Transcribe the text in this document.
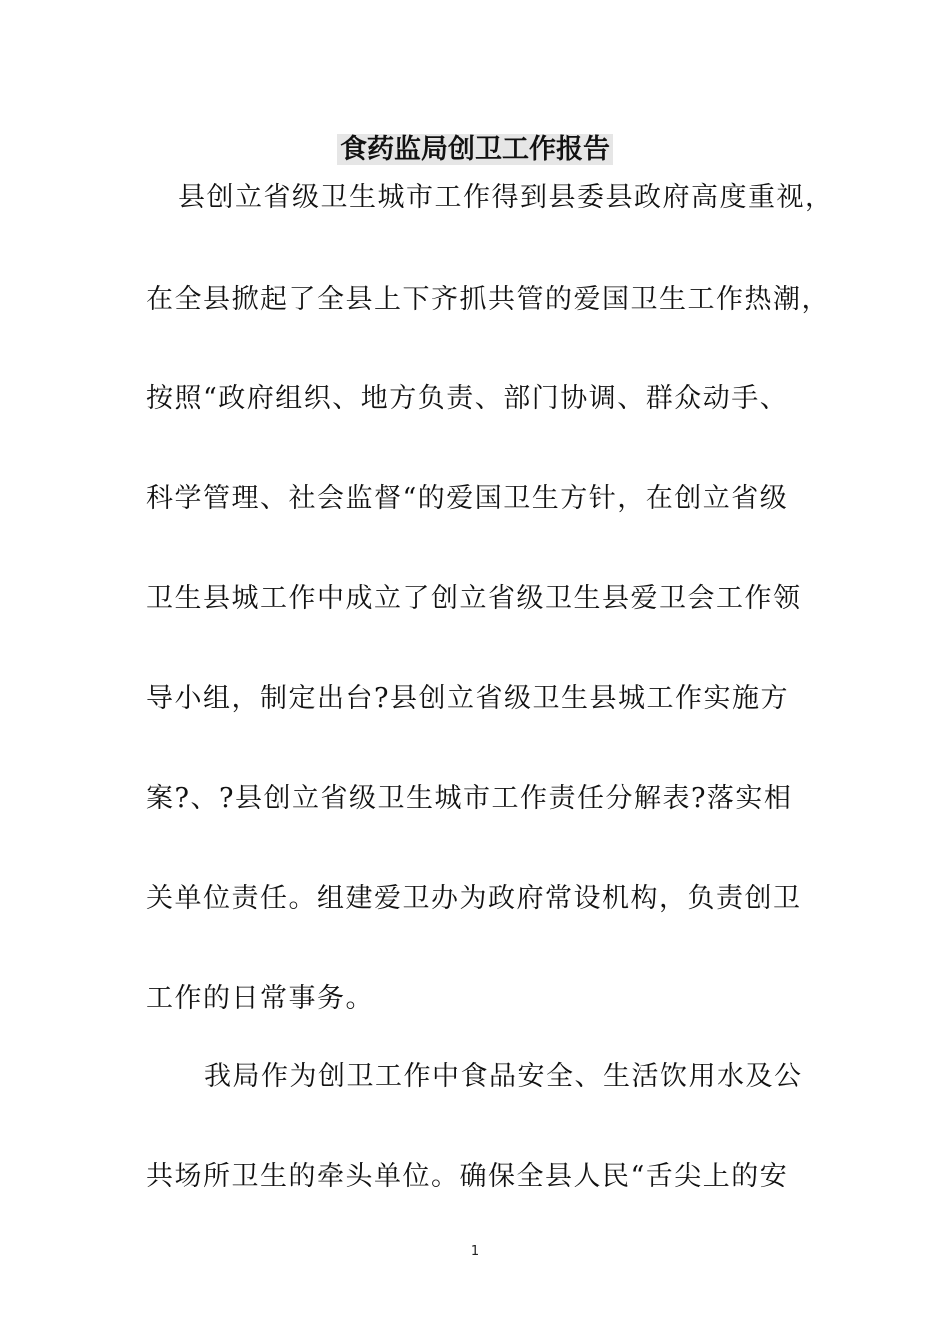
食药监局创卫工作报告
县创立省级卫生城市工作得到县委县政府高度重视，
在全县掀起了全县上下齐抓共管的爱国卫生工作热潮，
按照“政府组织、地方负责、部门协调、群众动手、
科学管理、社会监督“的爱国卫生方针，在创立省级
卫生县城工作中成立了创立省级卫生县爱卫会工作领
导小组，制定出台?县创立省级卫生县城工作实施方
案?、?县创立省级卫生城市工作责任分解表?落实相
关单位责任。组建爱卫办为政府常设机构，负责创卫
工作的日常事务。
我局作为创卫工作中食品安全、生活饮用水及公
共场所卫生的牵头单位。确保全县人民“舌尖上的安
1
